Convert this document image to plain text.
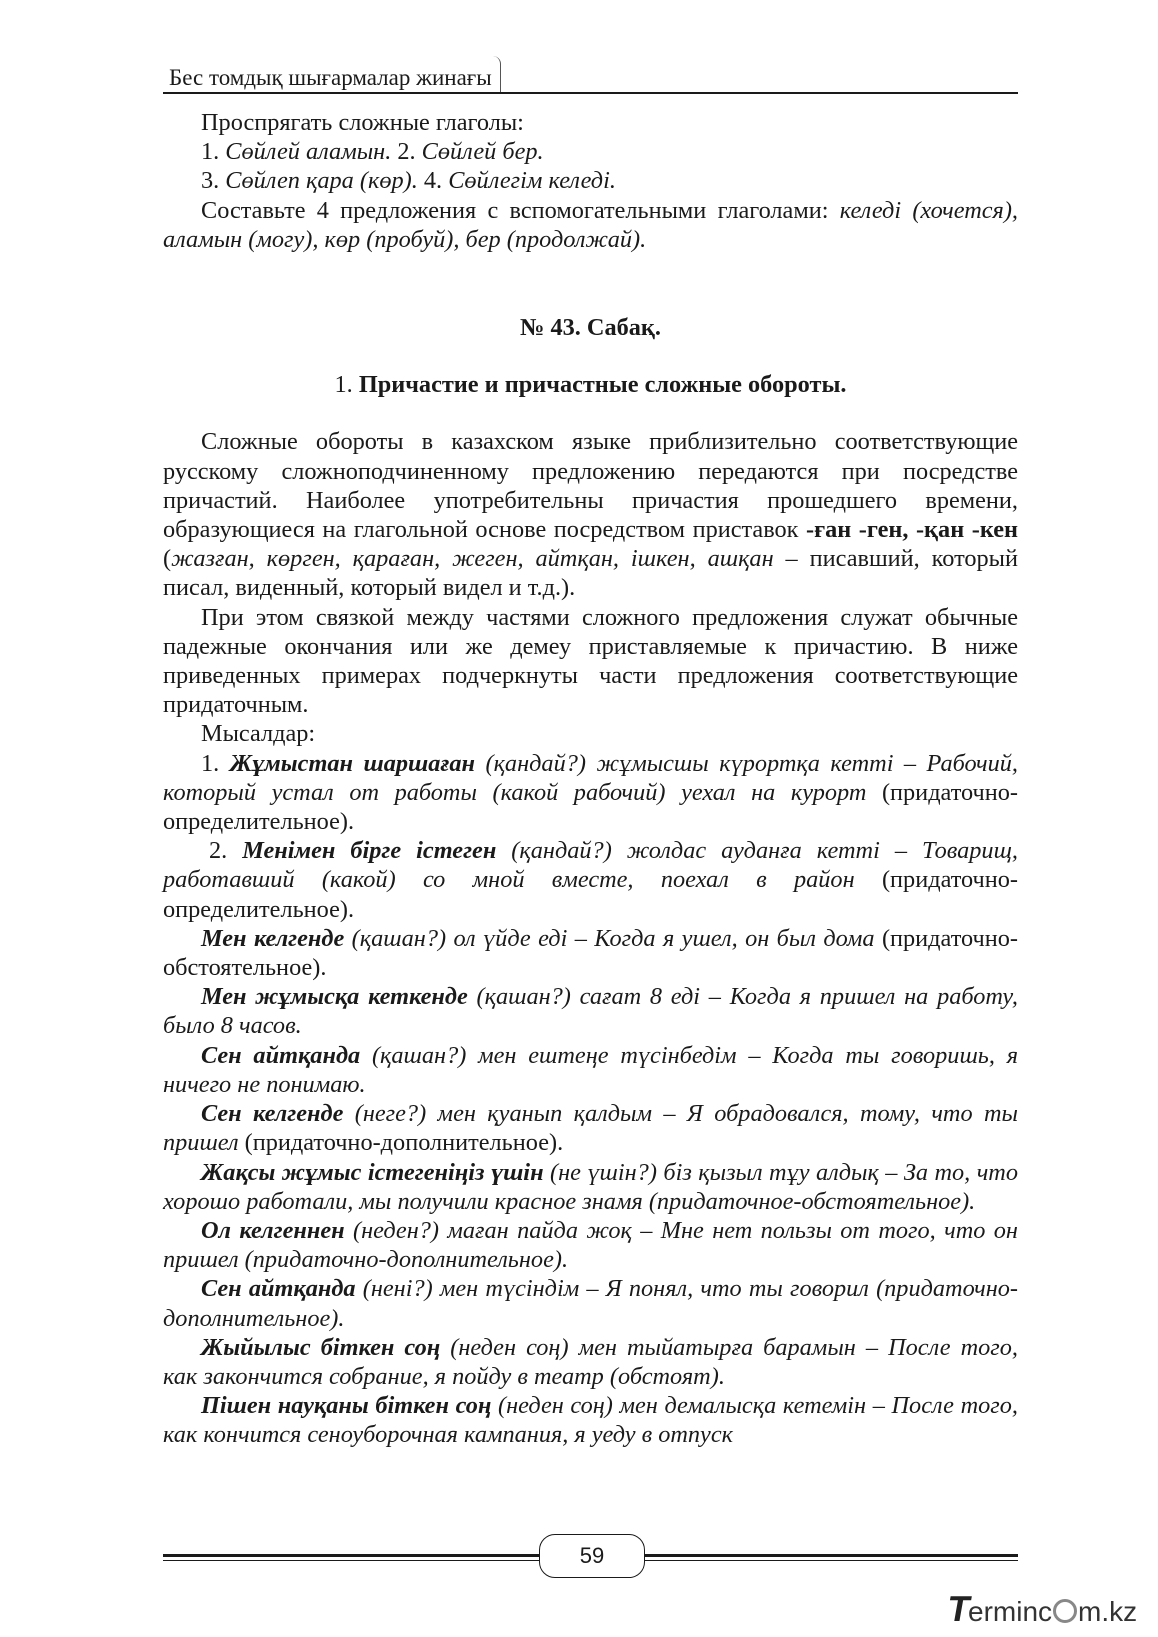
Бес томдық шығармалар жинағы

Проспрягать сложные глаголы:

1. Сөйлей аламын. 2. Сөйлей бер.

3. Сөйлеп қара (көр). 4. Сөйлегім келеді.

Составьте 4 предложения с вспомогательными глаголами: келеді (хочется), аламын (могу), көр (пробуй), бер (продолжай).

№ 43. Сабақ.

1. Причастие и причастные сложные обороты.

Сложные обороты в казахском языке приблизительно соответствующие русскому сложноподчиненному предложению передаются при посредстве причастий. Наиболее употребительны причастия прошедшего времени, образующиеся на глагольной основе посредством приставок -ған -ген, -қан -кен (жазған, көрген, қараған, жеген, айтқан, ішкен, ашқан – писавший, который писал, виденный, который видел и т.д.).

При этом связкой между частями сложного предложения служат обычные падежные окончания или же демеу приставляемые к причастию. В ниже приведенных примерах подчеркнуты части предложения соответствующие придаточным.

Мысалдар:

1. Жұмыстан шаршаған (қандай?) жұмысшы күрортқа кетті – Рабочий, который устал от работы (какой рабочий) уехал на курорт (придаточно-определительное).

2. Менімен бірге істеген (қандай?) жолдас ауданға кетті – Товарищ, работавший (какой) со мной вместе, поехал в район (придаточно-определительное).

Мен келгенде (қашан?) ол үйде еді – Когда я ушел, он был дома (придаточно-обстоятельное).

Мен жұмысқа кеткенде (қашан?) сағат 8 еді – Когда я пришел на работу, было 8 часов.

Сен айтқанда (қашан?) мен ештеңе түсінбедім – Когда ты говоришь, я ничего не понимаю.

Сен келгенде (неге?) мен қуанып қалдым – Я обрадовался, тому, что ты пришел (придаточно-дополнительное).

Жақсы жұмыс істегеніңіз үшін (не үшін?) біз қызыл тұу алдық – За то, что хорошо работали, мы получили красное знамя (придаточное-обстоятельное).

Ол келгеннен (неден?) маған пайда жоқ – Мне нет пользы от того, что он пришел (придаточно-дополнительное).

Сен айтқанда (нені?) мен түсіндім – Я понял, что ты говорил (придаточно-дополнительное).

Жыйылыс біткен соң (неден соң) мен тыйатырға барамын – После того, как закончится собрание, я пойду в театр (обстоят).

Пішен науқаны біткен соң (неден соң) мен демалысқа кетемін – После того, как кончится сеноуборочная кампания, я уеду в отпуск

59
Terminc m.kz
